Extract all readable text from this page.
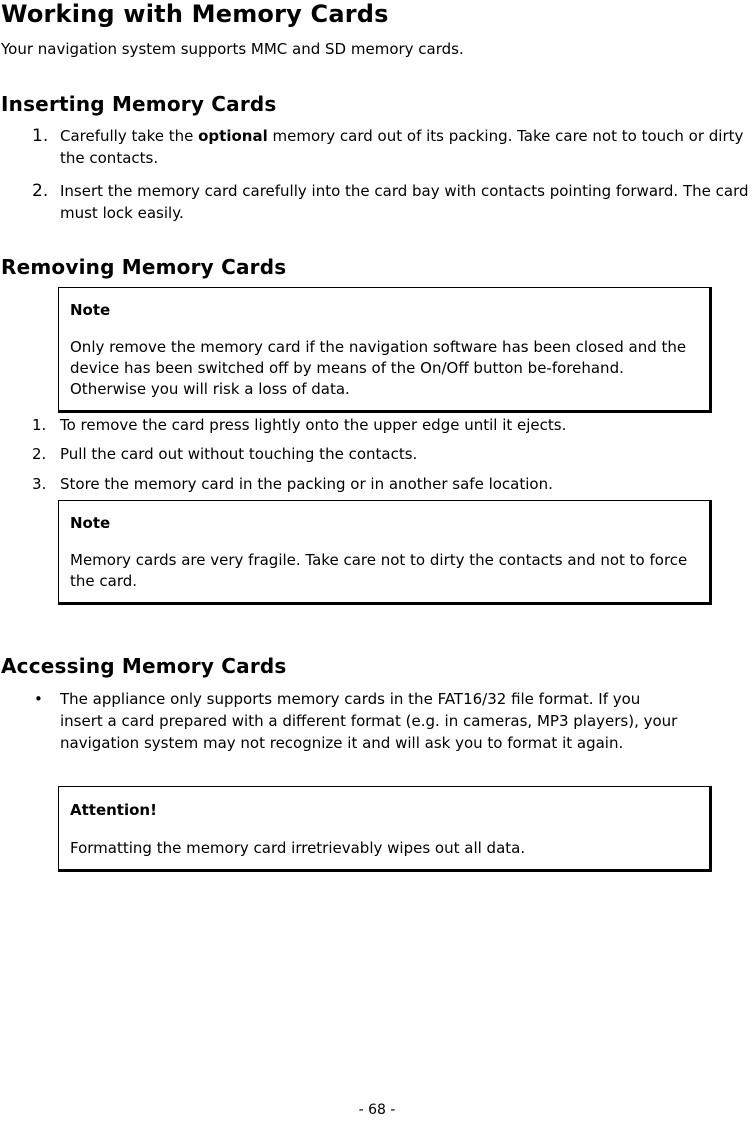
Working with Memory Cards
Your navigation system supports MMC and SD memory cards.
Inserting Memory Cards
1. Carefully take the optional memory card out of its packing. Take care not to touch or dirty the contacts.
2. Insert the memory card carefully into the card bay with contacts pointing forward. The card must lock easily.
Removing Memory Cards
Note
Only remove the memory card if the navigation software has been closed and the device has been switched off by means of the On/Off button be-forehand. Otherwise you will risk a loss of data.
1. To remove the card press lightly onto the upper edge until it ejects.
2. Pull the card out without touching the contacts.
3. Store the memory card in the packing or in another safe location.
Note
Memory cards are very fragile. Take care not to dirty the contacts and not to force the card.
Accessing Memory Cards
• The appliance only supports memory cards in the FAT16/32 file format. If you insert a card prepared with a different format (e.g. in cameras, MP3 players), your navigation system may not recognize it and will ask you to format it again.
Attention!
Formatting the memory card irretrievably wipes out all data.
- 68 -
